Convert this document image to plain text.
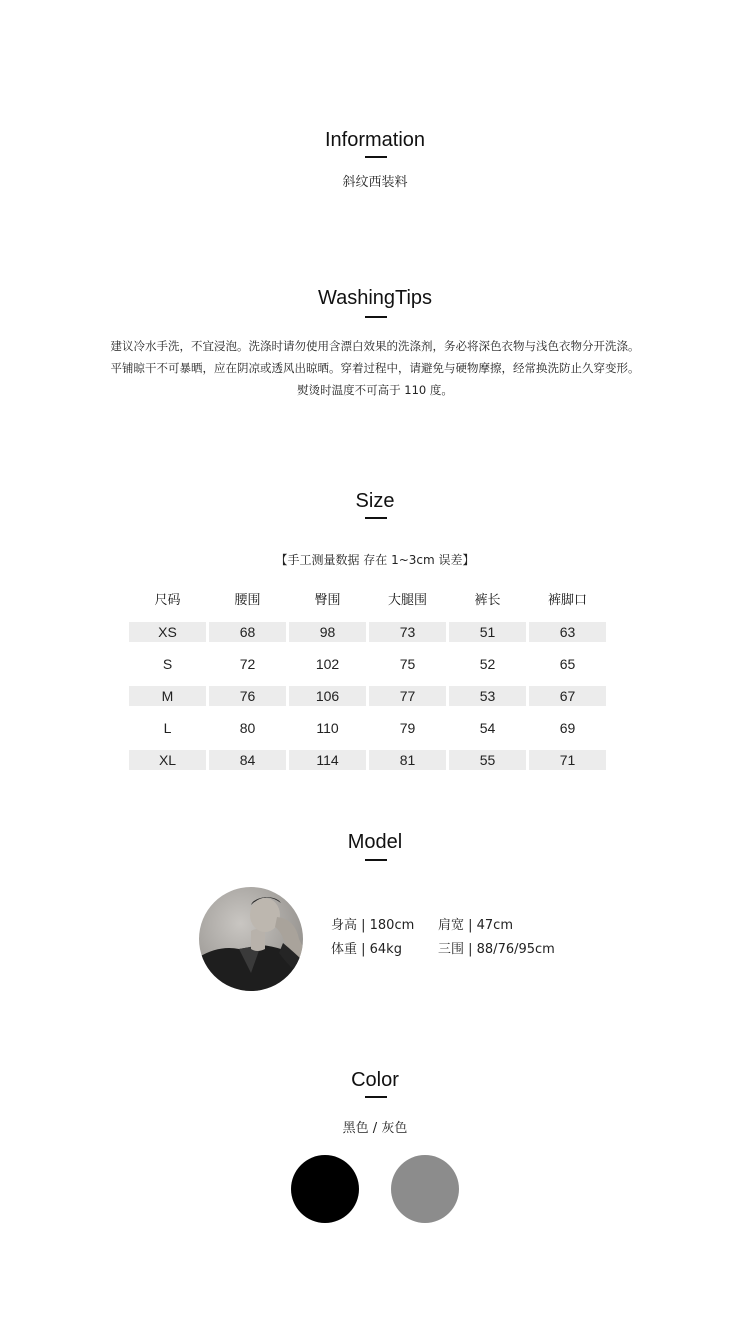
Information
斜纹西装料
WashingTips
建议冷水手洗，不宜浸泡。洗涤时请勿使用含漂白效果的洗涤剂，务必将深色衣物与浅色衣物分开洗涤。
平铺晾干不可暴晒，应在阴凉或透风出晾晒。穿着过程中，请避免与硬物摩擦，经常换洗防止久穿变形。
熨烫时温度不可高于 110 度。
Size
【手工测量数据 存在 1~3cm 误差】
尺码	腰围	臀围	大腿围	裤长	裤脚口

XS	68	98	73	51	63

S	72	102	75	52	65

M	76	106	77	53	67

L	80	110	79	54	69

XL	84	114	81	55	71
Model
身高 | 180cm 肩宽 | 47cm
体重 | 64kg	三围 | 88/76/95cm
Color
黑色 / 灰色
